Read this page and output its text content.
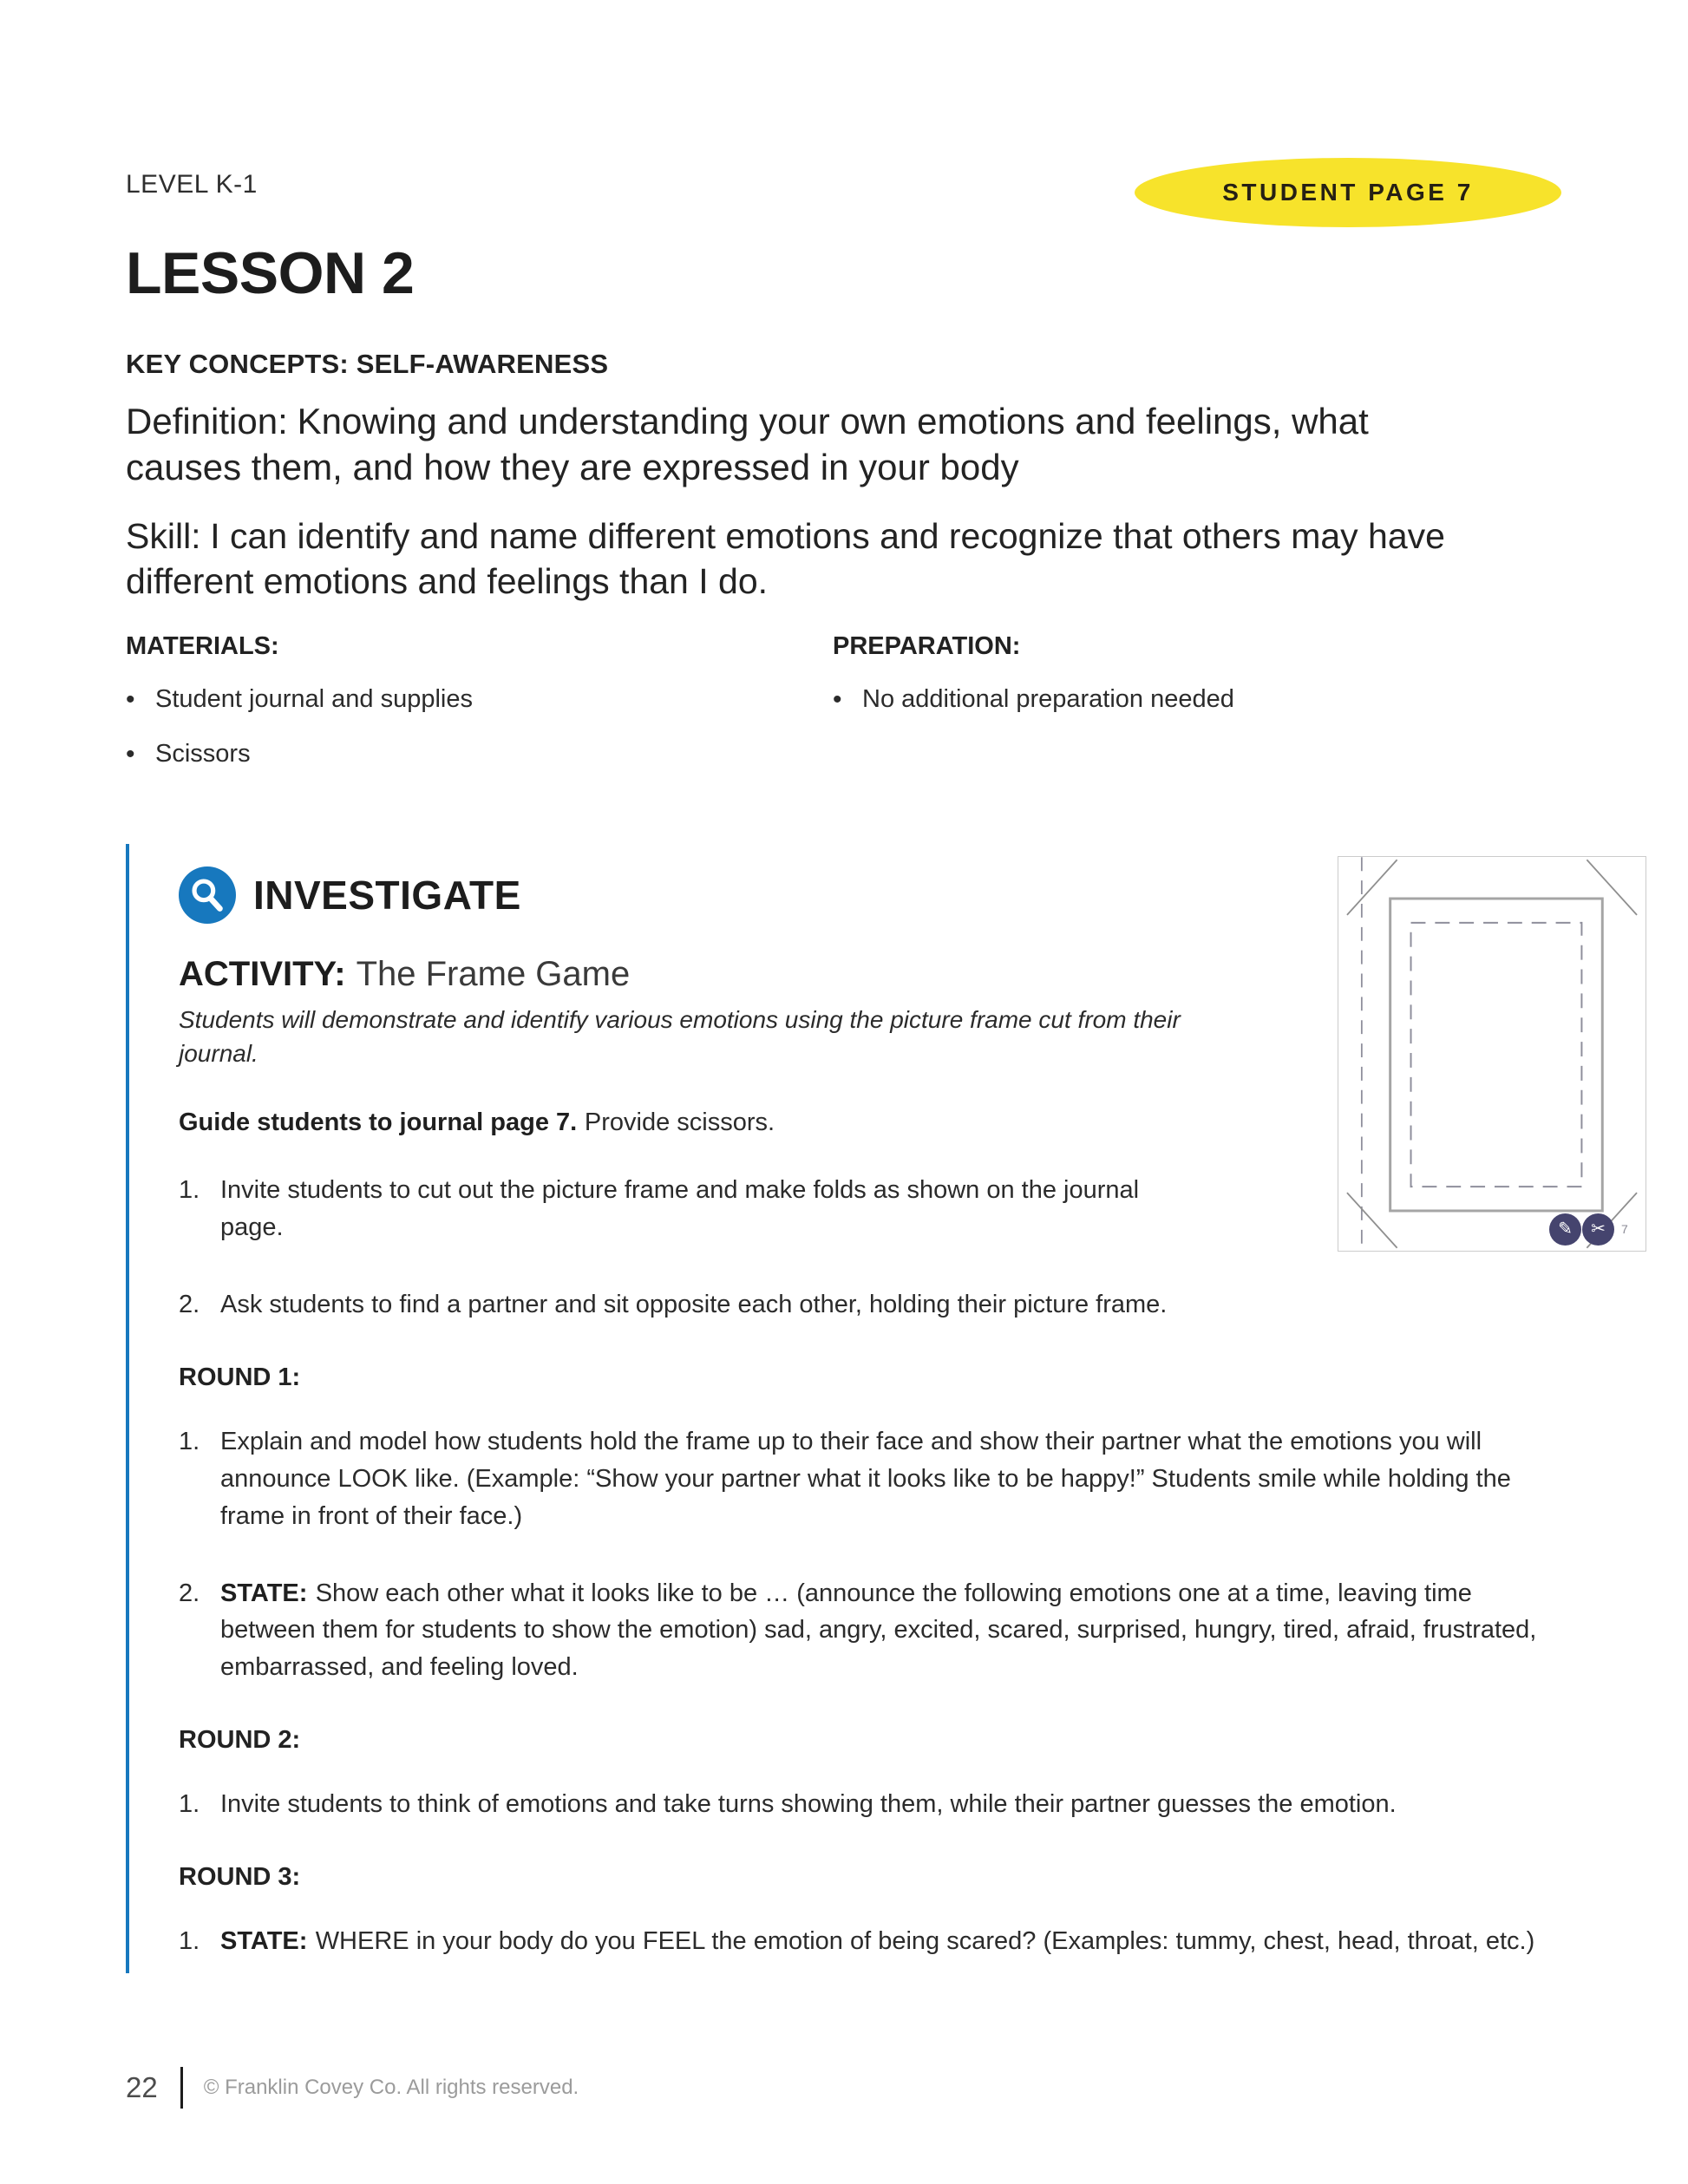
LEVEL K-1	STUDENT PAGE 7
LESSON 2
KEY CONCEPTS: SELF-AWARENESS

Definition: Knowing and understanding your own emotions and feelings, what causes them, and how they are expressed in your body

Skill: I can identify and name different emotions and recognize that others may have different emotions and feelings than I do.

MATERIALS:
•
Student journal and supplies
•
Scissors
PREPARATION:
•
No additional preparation needed
INVESTIGATE
ACTIVITY: The Frame Game

Students will demonstrate and identify various emotions using the picture frame cut from their journal.

Guide students to journal page 7. Provide scissors.
1. Invite students to cut out the picture frame and make folds as shown on the journal page.
2. Ask students to find a partner and sit opposite each other, holding their picture frame.
ROUND 1:
1. Explain and model how students hold the frame up to their face and show their partner what the emotions you will announce LOOK like. (Example: “Show your partner what it looks like to be happy!” Students smile while holding the frame in front of their face.)
2. STATE: Show each other what it looks like to be … (announce the following emotions one at a time, leaving time between them for students to show the emotion) sad, angry, excited, scared, surprised, hungry, tired, afraid, frustrated, embarrassed, and feeling loved.
ROUND 2:
1. Invite students to think of emotions and take turns showing them, while their partner guesses the emotion.
ROUND 3:
1. STATE: WHERE in your body do you FEEL the emotion of being scared? (Examples: tummy, chest, head, throat, etc.)
✎	✂	7
22 © Franklin Covey Co. All rights reserved.
